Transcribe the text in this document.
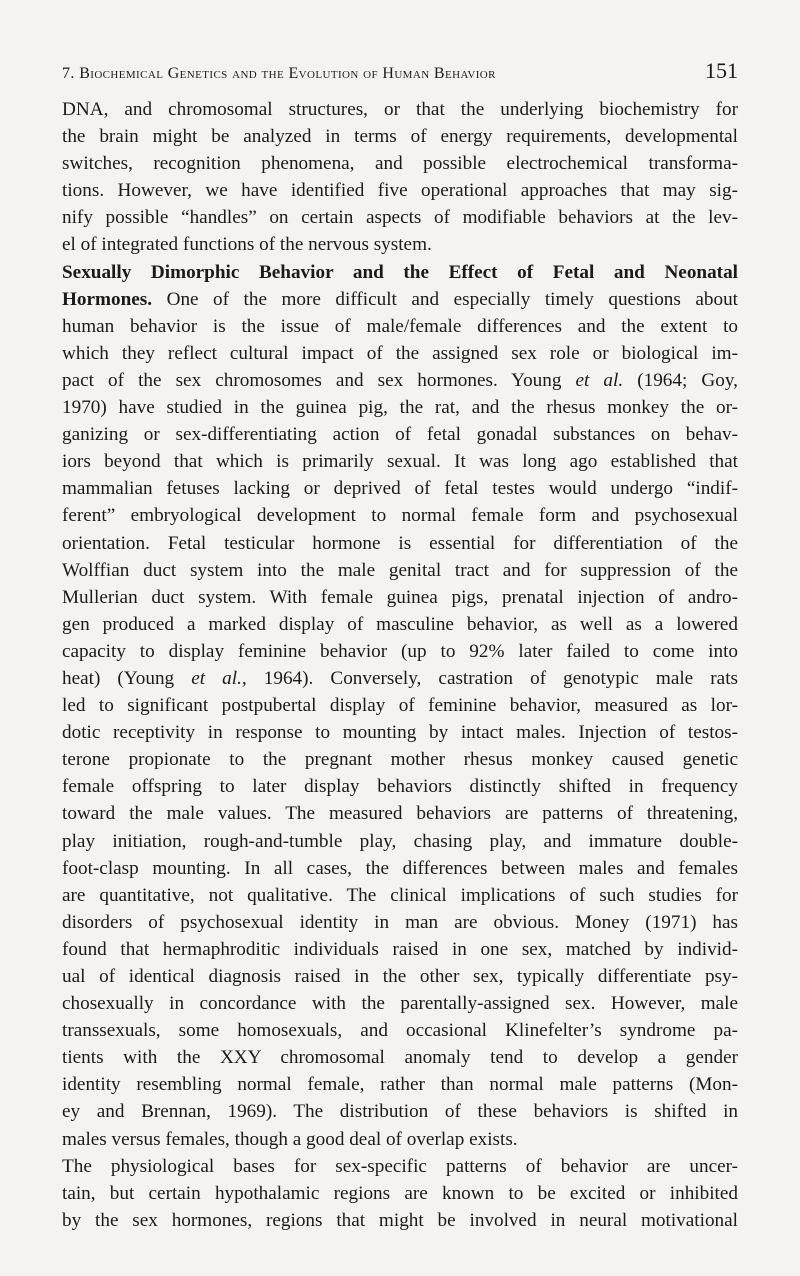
7. Biochemical Genetics and the Evolution of Human Behavior	151

DNA, and chromosomal structures, or that the underlying biochemistry for
the brain might be analyzed in terms of energy requirements, developmental
switches, recognition phenomena, and possible electrochemical transforma-
tions. However, we have identified five operational approaches that may sig-
nify possible “handles” on certain aspects of modifiable behaviors at the lev-
el of integrated functions of the nervous system.

Sexually Dimorphic Behavior and the Effect of Fetal and Neonatal
Hormones. One of the more difficult and especially timely questions about
human behavior is the issue of male/female differences and the extent to
which they reflect cultural impact of the assigned sex role or biological im-
pact of the sex chromosomes and sex hormones. Young et al. (1964; Goy,
1970) have studied in the guinea pig, the rat, and the rhesus monkey the or-
ganizing or sex-differentiating action of fetal gonadal substances on behav-
iors beyond that which is primarily sexual. It was long ago established that
mammalian fetuses lacking or deprived of fetal testes would undergo “indif-
ferent” embryological development to normal female form and psychosexual
orientation. Fetal testicular hormone is essential for differentiation of the
Wolffian duct system into the male genital tract and for suppression of the
Mullerian duct system. With female guinea pigs, prenatal injection of andro-
gen produced a marked display of masculine behavior, as well as a lowered
capacity to display feminine behavior (up to 92% later failed to come into
heat) (Young et al., 1964). Conversely, castration of genotypic male rats
led to significant postpubertal display of feminine behavior, measured as lor-
dotic receptivity in response to mounting by intact males. Injection of testos-
terone propionate to the pregnant mother rhesus monkey caused genetic
female offspring to later display behaviors distinctly shifted in frequency
toward the male values. The measured behaviors are patterns of threatening,
play initiation, rough-and-tumble play, chasing play, and immature double-
foot-clasp mounting. In all cases, the differences between males and females
are quantitative, not qualitative. The clinical implications of such studies for
disorders of psychosexual identity in man are obvious. Money (1971) has
found that hermaphroditic individuals raised in one sex, matched by individ-
ual of identical diagnosis raised in the other sex, typically differentiate psy-
chosexually in concordance with the parentally-assigned sex. However, male
transsexuals, some homosexuals, and occasional Klinefelter’s syndrome pa-
tients with the XXY chromosomal anomaly tend to develop a gender
identity resembling normal female, rather than normal male patterns (Mon-
ey and Brennan, 1969). The distribution of these behaviors is shifted in
males versus females, though a good deal of overlap exists.

The physiological bases for sex-specific patterns of behavior are uncer-
tain, but certain hypothalamic regions are known to be excited or inhibited
by the sex hormones, regions that might be involved in neural motivational
